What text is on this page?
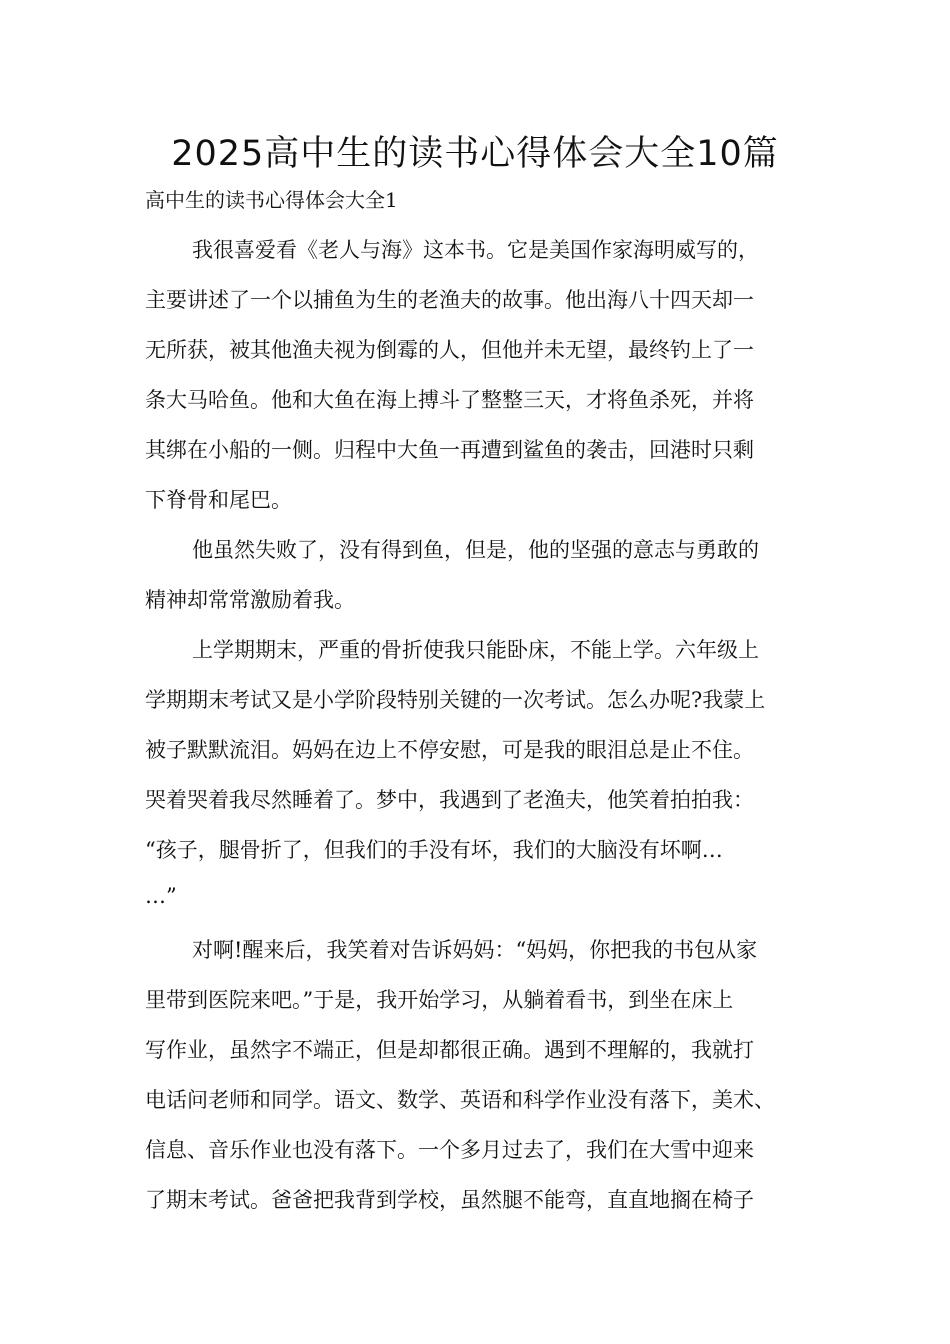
2025高中生的读书心得体会大全10篇

高中生的读书心得体会大全1

我很喜爱看《老人与海》这本书。它是美国作家海明威写的，

主要讲述了一个以捕鱼为生的老渔夫的故事。他出海八十四天却一

无所获，被其他渔夫视为倒霉的人，但他并未无望，最终钓上了一

条大马哈鱼。他和大鱼在海上搏斗了整整三天，才将鱼杀死，并将

其绑在小船的一侧。归程中大鱼一再遭到鲨鱼的袭击，回港时只剩

下脊骨和尾巴。

他虽然失败了，没有得到鱼，但是，他的坚强的意志与勇敢的

精神却常常激励着我。

上学期期末，严重的骨折使我只能卧床，不能上学。六年级上

学期期末考试又是小学阶段特别关键的一次考试。怎么办呢?我蒙上

被子默默流泪。妈妈在边上不停安慰，可是我的眼泪总是止不住。

哭着哭着我尽然睡着了。梦中，我遇到了老渔夫，他笑着拍拍我：

“孩子，腿骨折了，但我们的手没有坏，我们的大脑没有坏啊…

…”

对啊!醒来后，我笑着对告诉妈妈：“妈妈，你把我的书包从家

里带到医院来吧。”于是，我开始学习，从躺着看书，到坐在床上

写作业，虽然字不端正，但是却都很正确。遇到不理解的，我就打

电话问老师和同学。语文、数学、英语和科学作业没有落下，美术、

信息、音乐作业也没有落下。一个多月过去了，我们在大雪中迎来

了期末考试。爸爸把我背到学校，虽然腿不能弯，直直地搁在椅子
